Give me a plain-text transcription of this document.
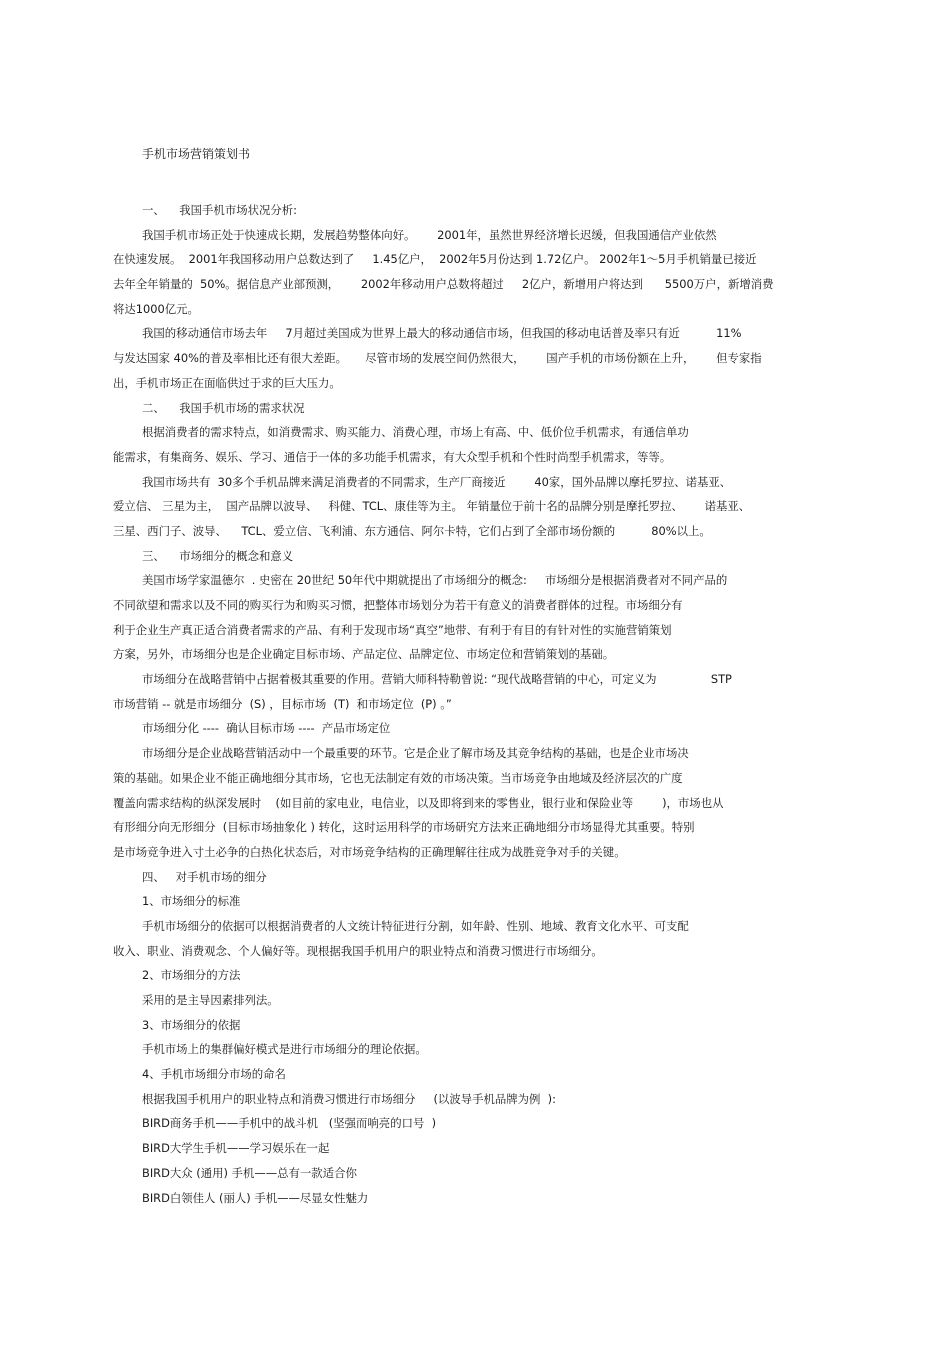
手机市场营销策划书
一、    我国手机市场状况分析:
我国手机市场正处于快速成长期，发展趋势整体向好。      2001年，虽然世界经济增长迟缓，但我国通信产业依然
在快速发展。  2001年我国移动用户总数达到了     1.45亿户，  2002年5月份达到 1.72亿户。 2002年1～5月手机销量已接近
去年全年销量的  50%。据信息产业部预测，      2002年移动用户总数将超过     2亿户，新增用户将达到      5500万户，新增消费
将达1000亿元。
我国的移动通信市场去年     7月超过美国成为世界上最大的移动通信市场，但我国的移动电话普及率只有近          11%
与发达国家 40%的普及率相比还有很大差距。     尽管市场的发展空间仍然很大，      国产手机的市场份额在上升，      但专家指
出，手机市场正在面临供过于求的巨大压力。
二、    我国手机市场的需求状况
根据消费者的需求特点，如消费需求、购买能力、消费心理，市场上有高、中、低价位手机需求，有通信单功
能需求，有集商务、娱乐、学习、通信于一体的多功能手机需求，有大众型手机和个性时尚型手机需求，等等。
我国市场共有  30多个手机品牌来满足消费者的不同需求，生产厂商接近        40家，国外品牌以摩托罗拉、诺基亚、
爱立信、 三星为主，  国产品牌以波导、   科健、TCL、康佳等为主。 年销量位于前十名的品牌分别是摩托罗拉、      诺基亚、
三星、西门子、波导、    TCL、爱立信、飞利浦、东方通信、阿尔卡特，它们占到了全部市场份额的          80%以上。
三、    市场细分的概念和意义
美国市场学家温德尔  . 史密在 20世纪 50年代中期就提出了市场细分的概念:     市场细分是根据消费者对不同产品的
不同欲望和需求以及不同的购买行为和购买习惯，把整体市场划分为若干有意义的消费者群体的过程。市场细分有
利于企业生产真正适合消费者需求的产品、有利于发现市场“真空”地带、有利于有目的有针对性的实施营销策划
方案，另外，市场细分也是企业确定目标市场、产品定位、品牌定位、市场定位和营销策划的基础。
市场细分在战略营销中占据着极其重要的作用。营销大师科特勒曾说: “现代战略营销的中心，可定义为               STP
市场营销 -- 就是市场细分  (S) ，目标市场  (T)  和市场定位  (P) 。”
市场细分化 ----  确认目标市场 ----  产品市场定位
市场细分是企业战略营销活动中一个最重要的环节。它是企业了解市场及其竞争结构的基础，也是企业市场决
策的基础。如果企业不能正确地细分其市场，它也无法制定有效的市场决策。当市场竞争由地域及经济层次的广度
覆盖向需求结构的纵深发展时    (如目前的家电业，电信业，以及即将到来的零售业，银行业和保险业等        )，市场也从
有形细分向无形细分  (目标市场抽象化 ) 转化，这时运用科学的市场研究方法来正确地细分市场显得尤其重要。特别
是市场竞争进入寸土必争的白热化状态后，对市场竞争结构的正确理解往往成为战胜竞争对手的关键。
四、   对手机市场的细分
1、市场细分的标准
手机市场细分的依据可以根据消费者的人文统计特征进行分割，如年龄、性别、地域、教育文化水平、可支配
收入、职业、消费观念、个人偏好等。现根据我国手机用户的职业特点和消费习惯进行市场细分。
2、市场细分的方法
采用的是主导因素排列法。
3、市场细分的依据
手机市场上的集群偏好模式是进行市场细分的理论依据。
4、手机市场细分市场的命名
根据我国手机用户的职业特点和消费习惯进行市场细分     (以波导手机品牌为例  ):
BIRD商务手机——手机中的战斗机   (坚强而响亮的口号  )
BIRD大学生手机——学习娱乐在一起
BIRD大众 (通用) 手机——总有一款适合你
BIRD白领佳人 (丽人) 手机——尽显女性魅力
